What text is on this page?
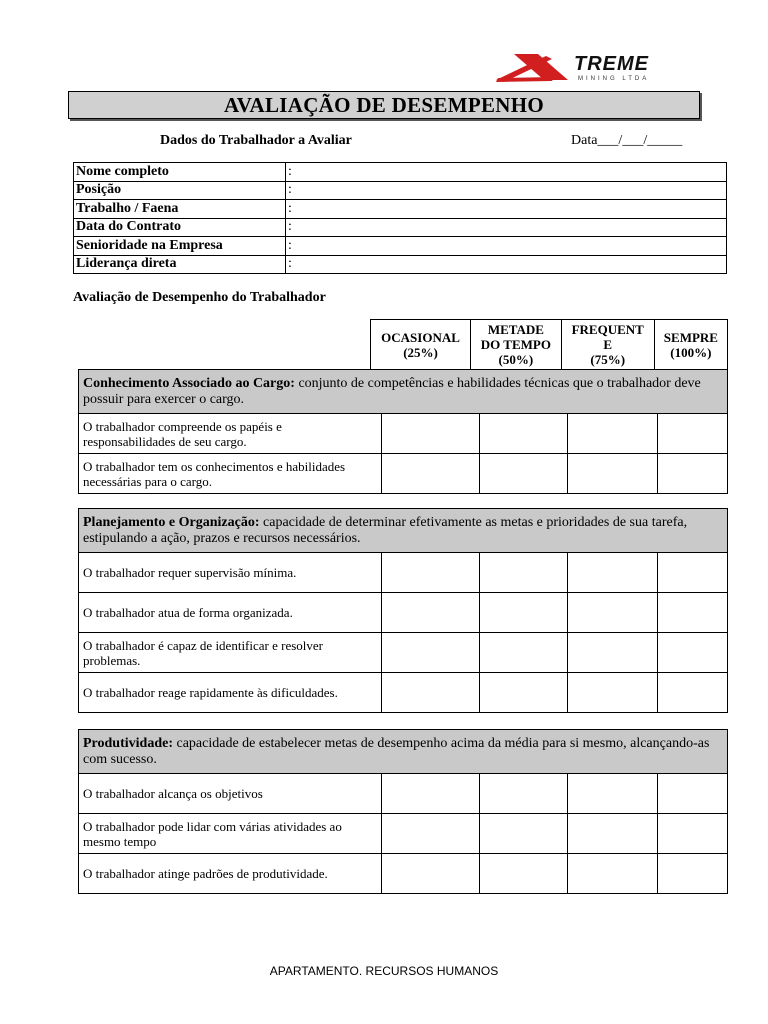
TREME
MINING LTDA
AVALIAÇÃO DE DESEMPENHO
Dados do Trabalhador a Avaliar	Data___/___/_____
Nome completo	:
Posição	:
Trabalho / Faena	:
Data do Contrato	:
Senioridade na Empresa	:
Liderança direta	:
Avaliação de Desempenho do Trabalhador
OCASIONAL
(25%)

METADE
DO TEMPO
(50%)

FREQUENT
E
(75%)

SEMPRE
(100%)
Conhecimento Associado ao Cargo: conjunto de competências e habilidades técnicas que o trabalhador deve possuir para exercer o cargo.				
O trabalhador compreende os papéis e responsabilidades de seu cargo.				
O trabalhador tem os conhecimentos e habilidades necessárias para o cargo.				
Planejamento e Organização: capacidade de determinar efetivamente as metas e prioridades de sua tarefa, estipulando a ação, prazos e recursos necessários.				
O trabalhador requer supervisão mínima.				
O trabalhador atua de forma organizada.				
O trabalhador é capaz de identificar e resolver problemas.				
O trabalhador reage rapidamente às dificuldades.				
Produtividade: capacidade de estabelecer metas de desempenho acima da média para si mesmo, alcançando-as com sucesso.				
O trabalhador alcança os objetivos				
O trabalhador pode lidar com várias atividades ao mesmo tempo				
O trabalhador atinge padrões de produtividade.				
APARTAMENTO. RECURSOS HUMANOS
